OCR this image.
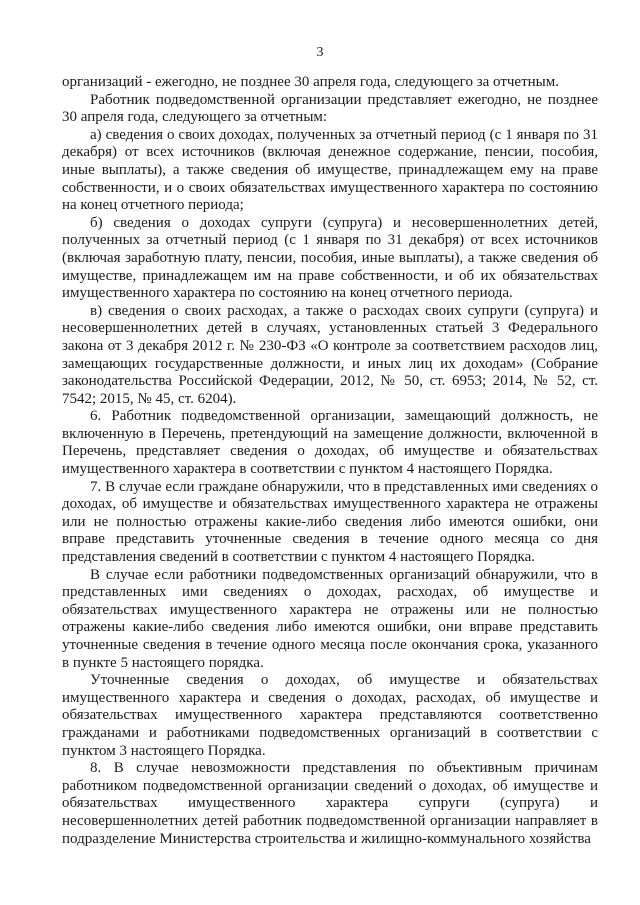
3

организаций - ежегодно, не позднее 30 апреля года, следующего за отчетным.

Работник подведомственной организации представляет ежегодно, не позднее 30 апреля года, следующего за отчетным:

а) сведения о своих доходах, полученных за отчетный период (с 1 января по 31 декабря) от всех источников (включая денежное содержание, пенсии, пособия, иные выплаты), а также сведения об имуществе, принадлежащем ему на праве собственности, и о своих обязательствах имущественного характера по состоянию на конец отчетного периода;

б) сведения о доходах супруги (супруга) и несовершеннолетних детей, полученных за отчетный период (с 1 января по 31 декабря) от всех источников (включая заработную плату, пенсии, пособия, иные выплаты), а также сведения об имуществе, принадлежащем им на праве собственности, и об их обязательствах имущественного характера по состоянию на конец отчетного периода.

в) сведения о своих расходах, а также о расходах своих супруги (супруга) и несовершеннолетних детей в случаях, установленных статьей 3 Федерального закона от 3 декабря 2012 г. № 230-ФЗ «О контроле за соответствием расходов лиц, замещающих государственные должности, и иных лиц их доходам» (Собрание законодательства Российской Федерации, 2012, № 50, ст. 6953; 2014, № 52, ст. 7542; 2015, № 45, ст. 6204).

6. Работник подведомственной организации, замещающий должность, не включенную в Перечень, претендующий на замещение должности, включенной в Перечень, представляет сведения о доходах, об имуществе и обязательствах имущественного характера в соответствии с пунктом 4 настоящего Порядка.

7. В случае если граждане обнаружили, что в представленных ими сведениях о доходах, об имуществе и обязательствах имущественного характера не отражены или не полностью отражены какие-либо сведения либо имеются ошибки, они вправе представить уточненные сведения в течение одного месяца со дня представления сведений в соответствии с пунктом 4 настоящего Порядка.

В случае если работники подведомственных организаций обнаружили, что в представленных ими сведениях о доходах, расходах, об имуществе и обязательствах имущественного характера не отражены или не полностью отражены какие-либо сведения либо имеются ошибки, они вправе представить уточненные сведения в течение одного месяца после окончания срока, указанного в пункте 5 настоящего порядка.

Уточненные сведения о доходах, об имуществе и обязательствах имущественного характера и сведения о доходах, расходах, об имуществе и обязательствах имущественного характера представляются соответственно гражданами и работниками подведомственных организаций в соответствии с пунктом 3 настоящего Порядка.

8. В случае невозможности представления по объективным причинам работником подведомственной организации сведений о доходах, об имуществе и обязательствах имущественного характера супруги (супруга) и несовершеннолетних детей работник подведомственной организации направляет в подразделение Министерства строительства и жилищно-коммунального хозяйства
